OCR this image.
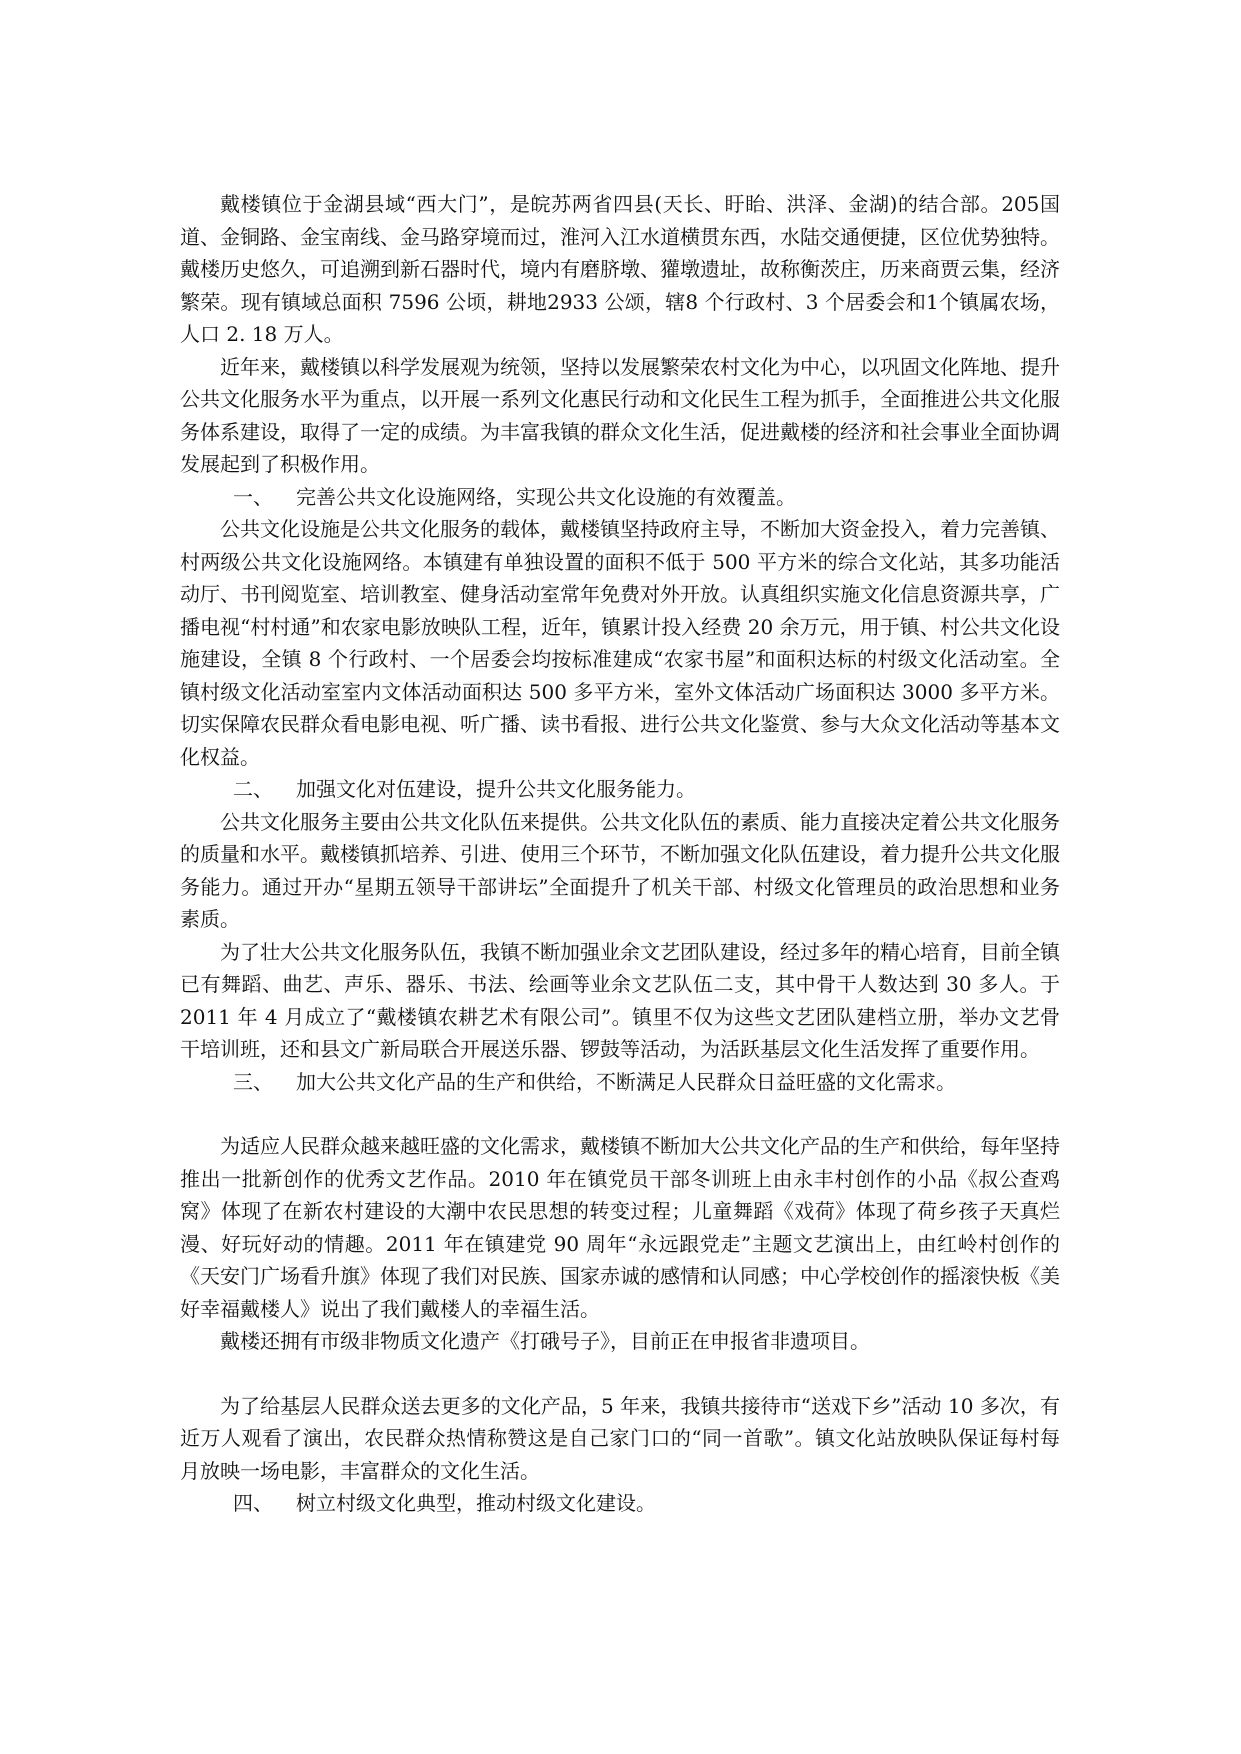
戴楼镇位于金湖县域“西大门”，是皖苏两省四县(天长、盱眙、洪泽、金湖)的结合部。205国道、金铜路、金宝南线、金马路穿境而过，淮河入江水道横贯东西，水陆交通便捷，区位优势独特。戴楼历史悠久，可追溯到新石器时代，境内有磨脐墩、獾墩遗址，故称衡茨庄，历来商贾云集，经济繁荣。现有镇域总面积 7596 公顷，耕地2933 公颂，辖8 个行政村、3 个居委会和1个镇属农场，人口 2. 18 万人。

近年来，戴楼镇以科学发展观为统领，坚持以发展繁荣农村文化为中心，以巩固文化阵地、提升公共文化服务水平为重点，以开展一系列文化惠民行动和文化民生工程为抓手，全面推进公共文化服务体系建设，取得了一定的成绩。为丰富我镇的群众文化生活，促进戴楼的经济和社会事业全面协调发展起到了积极作用。

一、 完善公共文化设施网络，实现公共文化设施的有效覆盖。

公共文化设施是公共文化服务的载体，戴楼镇坚持政府主导，不断加大资金投入，着力完善镇、村两级公共文化设施网络。本镇建有单独设置的面积不低于 500 平方米的综合文化站，其多功能活动厅、书刊阅览室、培训教室、健身活动室常年免费对外开放。认真组织实施文化信息资源共享，广播电视“村村通”和农家电影放映队工程，近年，镇累计投入经费 20 余万元，用于镇、村公共文化设施建设，全镇 8 个行政村、一个居委会均按标准建成“农家书屋”和面积达标的村级文化活动室。全镇村级文化活动室室内文体活动面积达 500 多平方米，室外文体活动广场面积达 3000 多平方米。切实保障农民群众看电影电视、听广播、读书看报、进行公共文化鉴赏、参与大众文化活动等基本文化权益。

二、 加强文化对伍建设，提升公共文化服务能力。

公共文化服务主要由公共文化队伍来提供。公共文化队伍的素质、能力直接决定着公共文化服务的质量和水平。戴楼镇抓培养、引进、使用三个环节，不断加强文化队伍建设，着力提升公共文化服务能力。通过开办“星期五领导干部讲坛”全面提升了机关干部、村级文化管理员的政治思想和业务素质。

为了壮大公共文化服务队伍，我镇不断加强业余文艺团队建设，经过多年的精心培育，目前全镇已有舞蹈、曲艺、声乐、器乐、书法、绘画等业余文艺队伍二支，其中骨干人数达到 30 多人。于 2011 年 4 月成立了“戴楼镇农耕艺术有限公司”。镇里不仅为这些文艺团队建档立册，举办文艺骨干培训班，还和县文广新局联合开展送乐器、锣鼓等活动，为活跃基层文化生活发挥了重要作用。

三、 加大公共文化产品的生产和供给，不断满足人民群众日益旺盛的文化需求。

为适应人民群众越来越旺盛的文化需求，戴楼镇不断加大公共文化产品的生产和供给，每年坚持推出一批新创作的优秀文艺作品。2010 年在镇党员干部冬训班上由永丰村创作的小品《叔公查鸡窝》体现了在新农村建设的大潮中农民思想的转变过程；儿童舞蹈《戏荷》体现了荷乡孩子天真烂漫、好玩好动的情趣。2011 年在镇建党 90 周年“永远跟党走”主题文艺演出上，由红岭村创作的《天安门广场看升旗》体现了我们对民族、国家赤诚的感情和认同感；中心学校创作的摇滚快板《美好幸福戴楼人》说出了我们戴楼人的幸福生活。

戴楼还拥有市级非物质文化遗产《打硪号子》，目前正在申报省非遗项目。

为了给基层人民群众送去更多的文化产品，5 年来，我镇共接待市“送戏下乡”活动 10 多次，有近万人观看了演出，农民群众热情称赞这是自己家门口的“同一首歌”。镇文化站放映队保证每村每月放映一场电影，丰富群众的文化生活。

四、 树立村级文化典型，推动村级文化建设。
